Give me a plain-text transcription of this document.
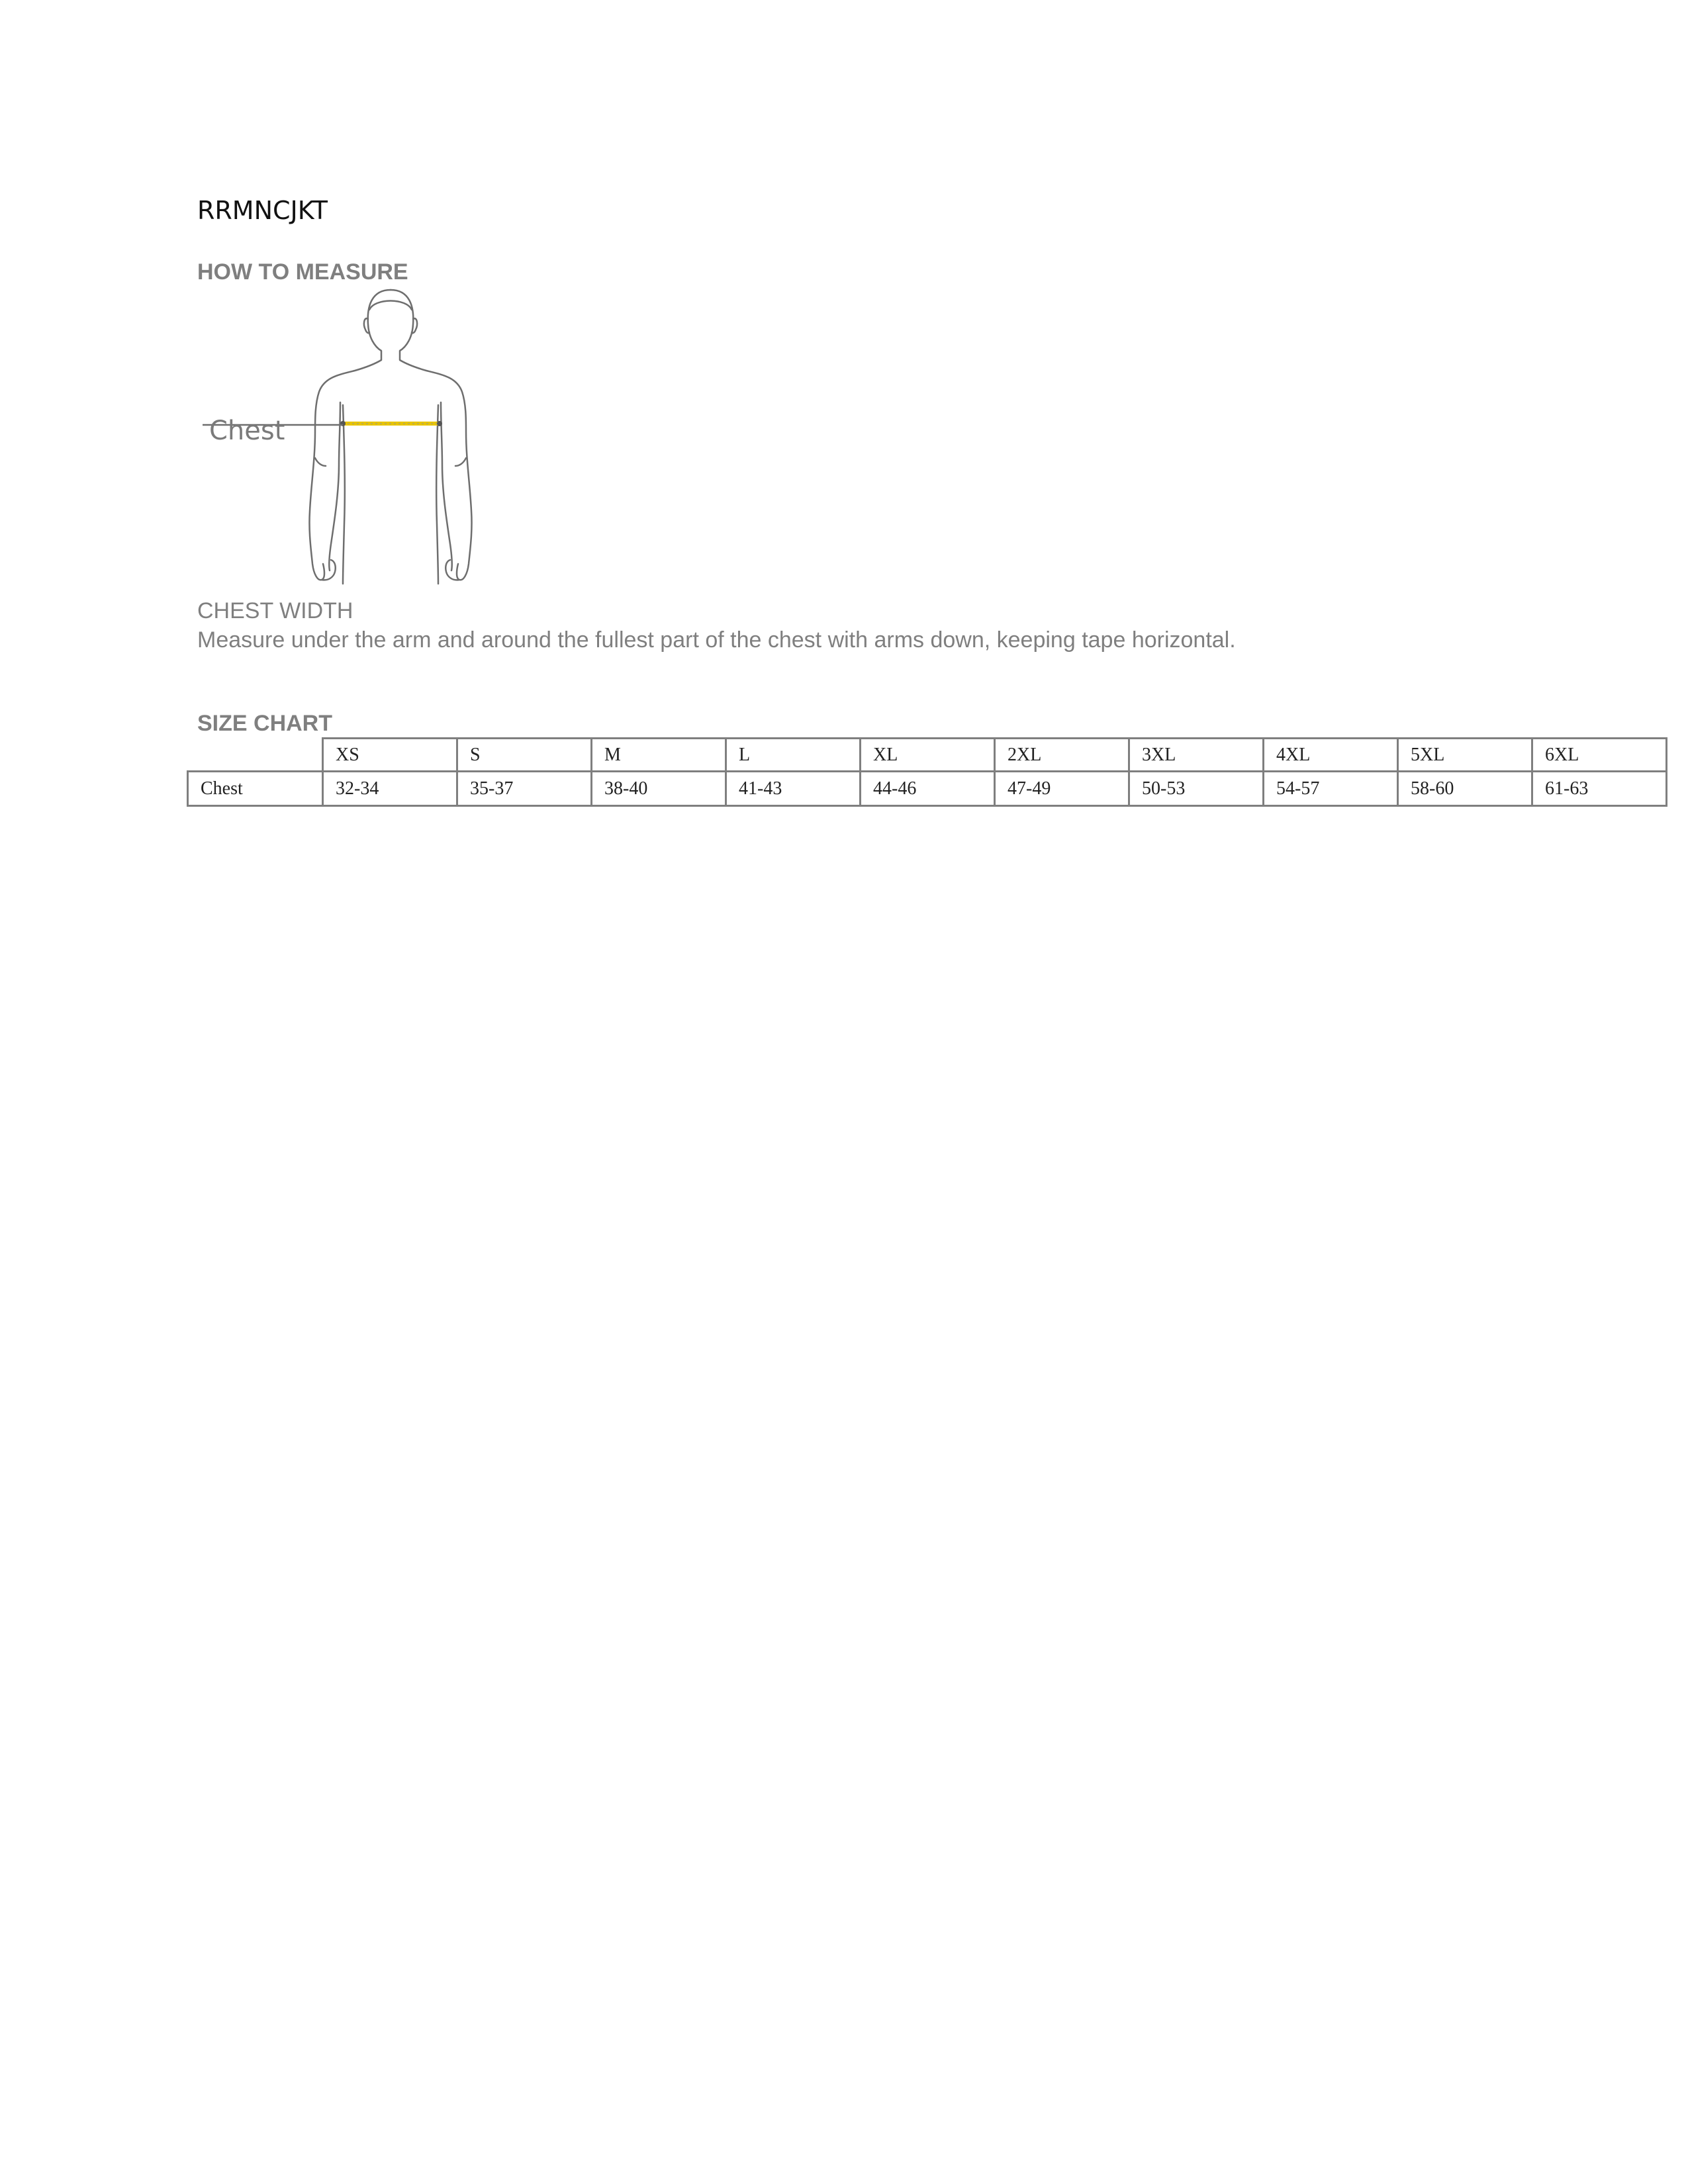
RRMNCJKT
HOW TO MEASURE
Chest
CHEST WIDTH
Measure under the arm and around the fullest part of the chest with arms down, keeping tape horizontal.
SIZE CHART
	XS	S	M	L	XL	2XL	3XL	4XL	5XL	6XL
Chest	32-34	35-37	38-40	41-43	44-46	47-49	50-53	54-57	58-60	61-63
